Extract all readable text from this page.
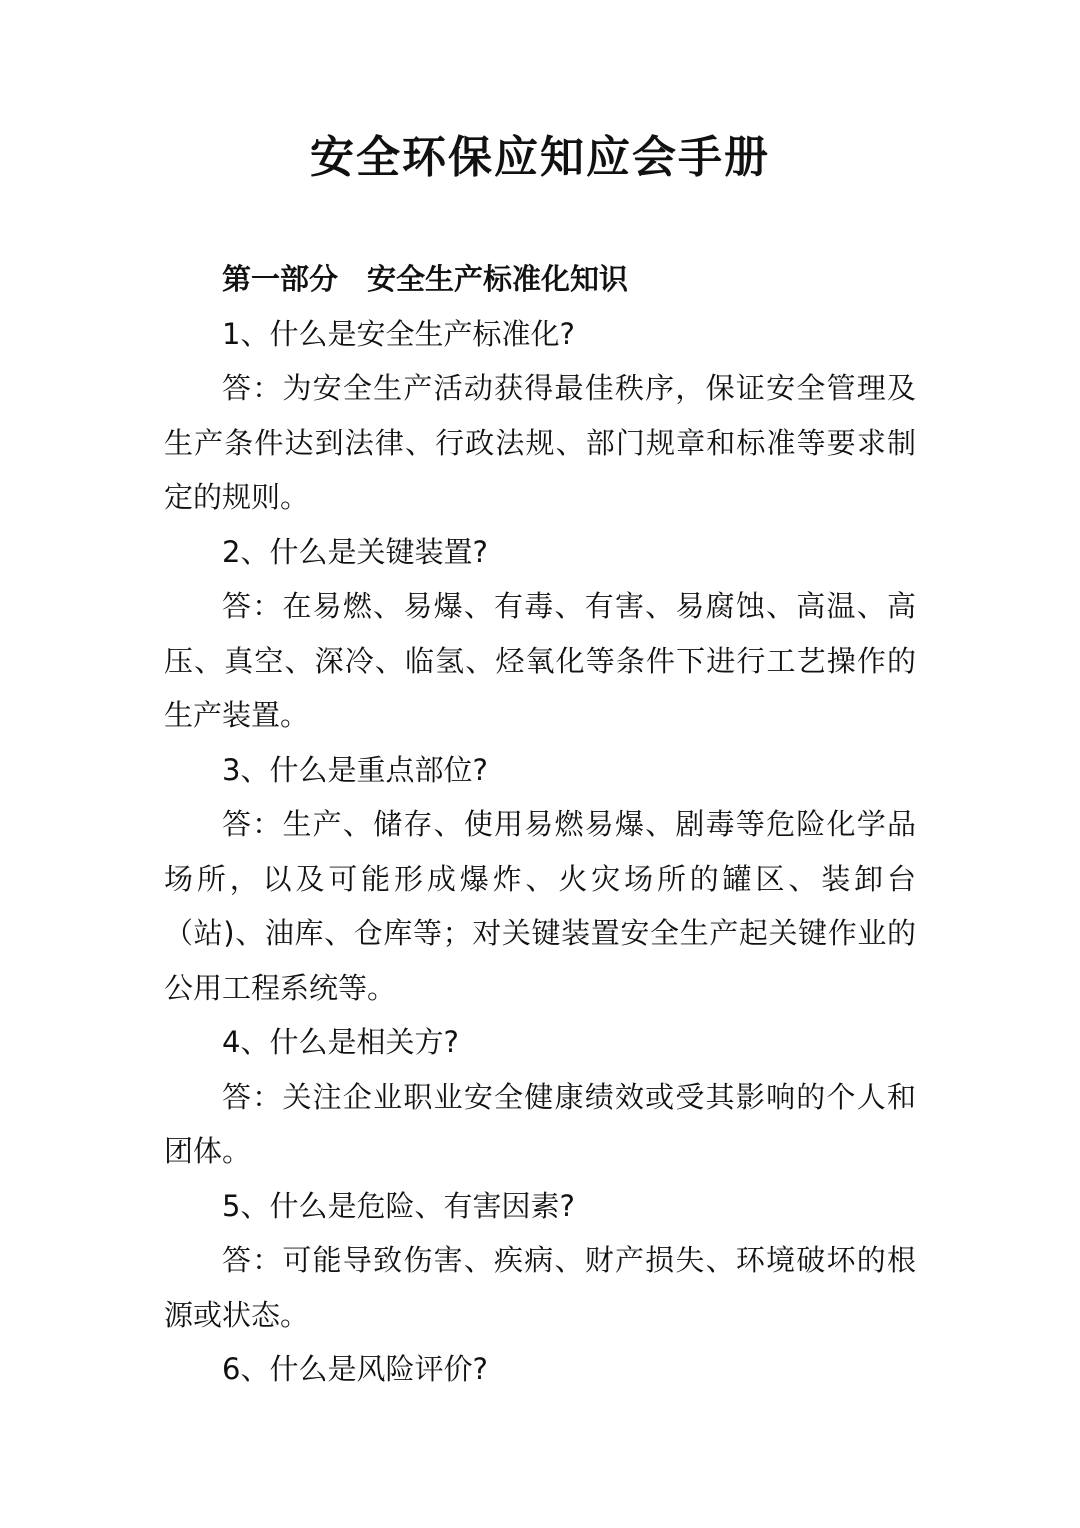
安全环保应知应会手册

第一部分　安全生产标准化知识

1、什么是安全生产标准化?

答：为安全生产活动获得最佳秩序，保证安全管理及生产条件达到法律、行政法规、部门规章和标准等要求制定的规则。

2、什么是关键装置?

答：在易燃、易爆、有毒、有害、易腐蚀、高温、高压、真空、深冷、临氢、烃氧化等条件下进行工艺操作的生产装置。

3、什么是重点部位?

答：生产、储存、使用易燃易爆、剧毒等危险化学品场所，以及可能形成爆炸、火灾场所的罐区、装卸台（站)、油库、仓库等；对关键装置安全生产起关键作业的公用工程系统等。

4、什么是相关方?

答：关注企业职业安全健康绩效或受其影响的个人和团体。

5、什么是危险、有害因素?

答：可能导致伤害、疾病、财产损失、环境破坏的根源或状态。

6、什么是风险评价?
